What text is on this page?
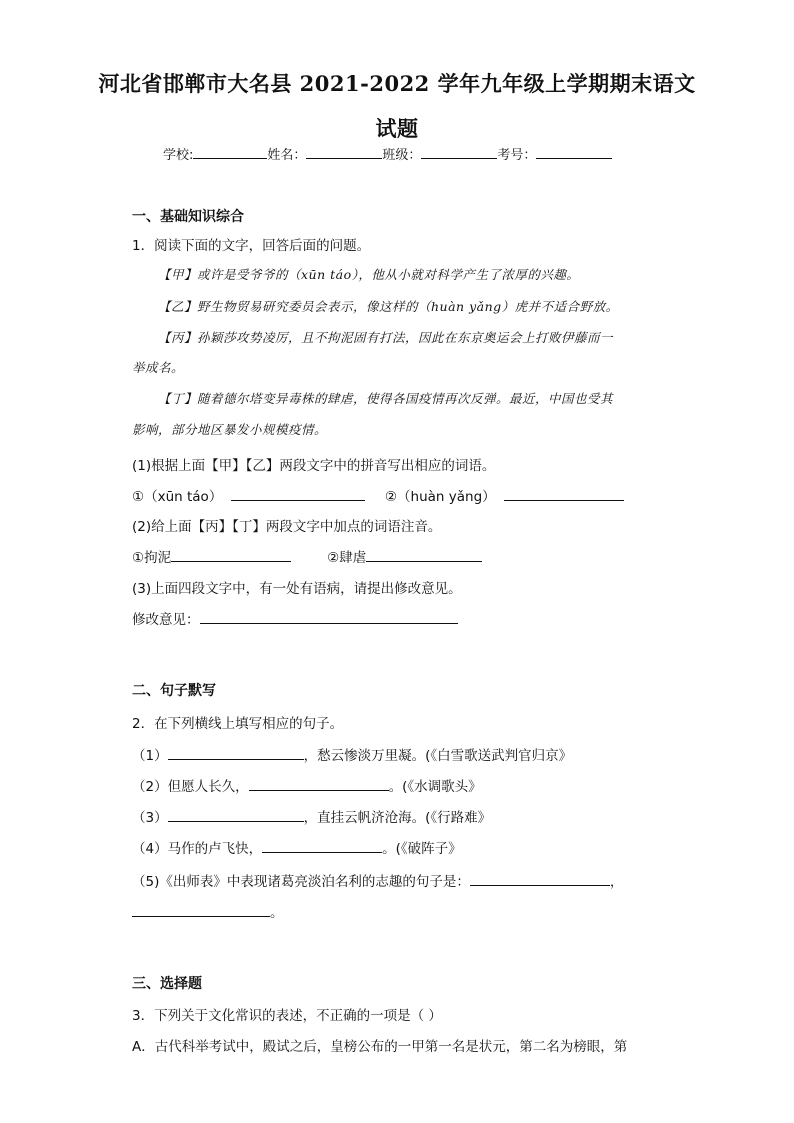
河北省邯郸市大名县 2021-2022 学年九年级上学期期末语文
试题
学校:	姓名：	班级：	考号：
一、基础知识综合
1．阅读下面的文字，回答后面的问题。
【甲】或许是受爷爷的（xūn táo），他从小就对科学产生了浓厚的兴趣。
【乙】野生物贸易研究委员会表示，像这样的（huàn yǎng）虎并不适合野放。
【丙】孙颖莎攻势凌厉，且不拘泥固有打法，因此在东京奥运会上打败伊藤而一
举成名。
【丁】随着德尔塔变异毒株的肆虐，使得各国疫情再次反弹。最近，中国也受其
影响，部分地区暴发小规模疫情。
(1)根据上面【甲】【乙】两段文字中的拼音写出相应的词语。
①（xūn táo）	②（huàn yǎng）
(2)给上面【丙】【丁】两段文字中加点的词语注音。
①拘泥	②肆虐
(3)上面四段文字中，有一处有语病，请提出修改意见。
修改意见：
二、句子默写
2．在下列横线上填写相应的句子。
（1）	，愁云惨淡万里凝。(《白雪歌送武判官归京》
（2）但愿人长久，	。(《水调歌头》
（3）	，直挂云帆济沧海。(《行路难》
（4）马作的卢飞快，	。(《破阵子》
（5)《出师表》中表现诸葛亮淡泊名利的志趣的句子是：	，
。
三、选择题
3．下列关于文化常识的表述，不正确的一项是（ ）
A．古代科举考试中，殿试之后，皇榜公布的一甲第一名是状元，第二名为榜眼，第
